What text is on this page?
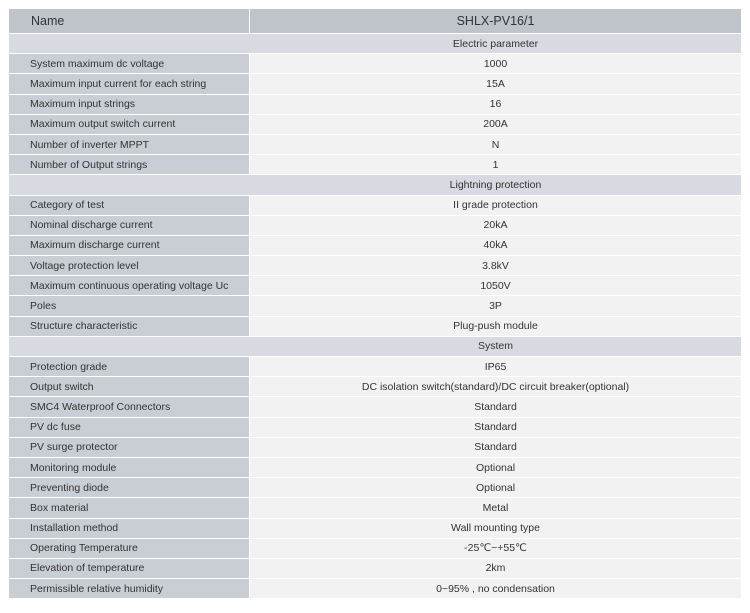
Name	SHLX-PV16/1
Electric parameter
System maximum dc voltage	1000
Maximum input current for each string	15A
Maximum input strings	16
Maximum output switch current	200A
Number of inverter MPPT	N
Number of Output strings	1
Lightning protection
Category of test	II grade protection
Nominal discharge current	20kA
Maximum discharge current	40kA
Voltage protection level	3.8kV
Maximum continuous operating voltage Uc	1050V
Poles	3P
Structure characteristic	Plug-push module
System
Protection grade	IP65
Output switch	DC isolation switch(standard)/DC circuit breaker(optional)
SMC4 Waterproof Connectors	Standard
PV dc fuse	Standard
PV surge protector	Standard
Monitoring module	Optional
Preventing diode	Optional
Box material	Metal
Installation method	Wall mounting type
Operating Temperature	-25℃~+55℃
Elevation of temperature	2km
Permissible relative humidity	0~95% , no condensation
